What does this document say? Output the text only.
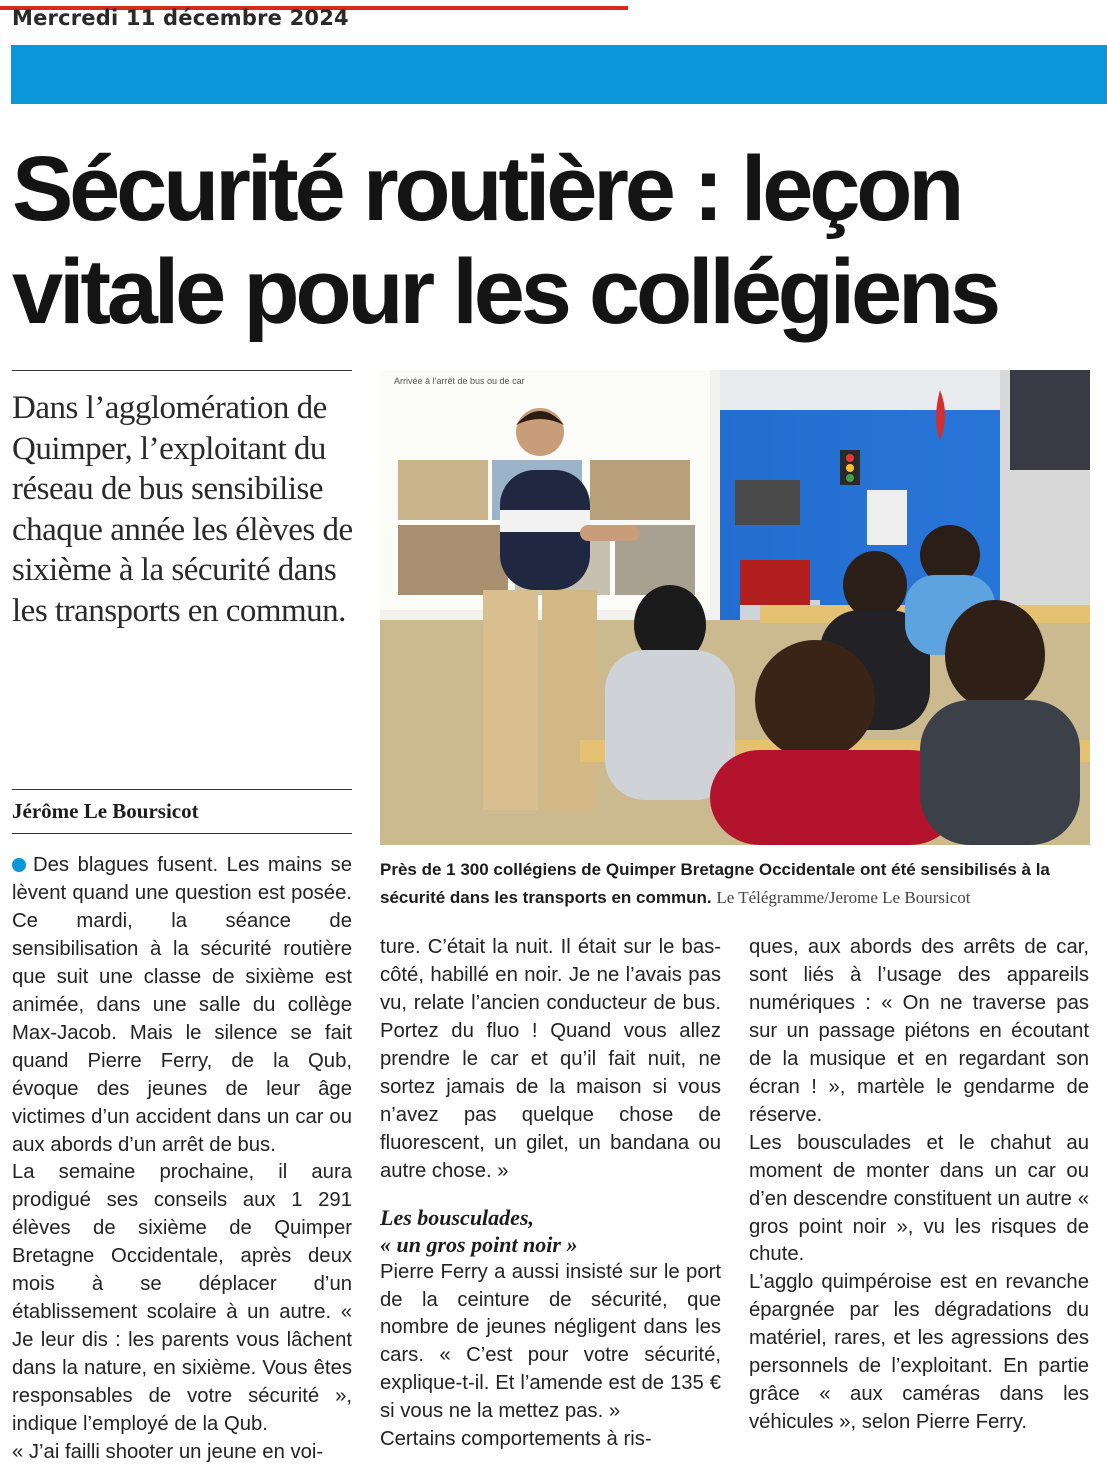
Mercredi 11 décembre 2024
Sécurité routière : leçon
vitale pour les collégiens
Dans l’agglomération de Quimper, l’exploitant du réseau de bus sensibilise chaque année les élèves de sixième à la sécurité dans les transports en commun.
Jérôme Le Boursicot
Arrivée à l’arrêt de bus ou de car
Près de 1 300 collégiens de Quimper Bretagne Occidentale ont été sensibilisés à la sécurité dans les transports en commun. Le Télégramme/Jerome Le Boursicot

Des blagues fusent. Les mains se lèvent quand une question est posée. Ce mardi, la séance de sensibilisation à la sécurité routière que suit une classe de sixième est animée, dans une salle du collège Max-Jacob. Mais le silence se fait quand Pierre Ferry, de la Qub, évoque des jeunes de leur âge victimes d’un accident dans un car ou aux abords d’un arrêt de bus.

La semaine prochaine, il aura prodigué ses conseils aux 1 291 élèves de sixième de Quimper Bretagne Occidentale, après deux mois à se déplacer d’un établissement scolaire à un autre. « Je leur dis : les parents vous lâchent dans la nature, en sixième. Vous êtes responsables de votre sécurité », indique l’employé de la Qub.

« J’ai failli shooter un jeune en voi-

ture. C’était la nuit. Il était sur le bas-côté, habillé en noir. Je ne l’avais pas vu, relate l’ancien conducteur de bus. Portez du fluo ! Quand vous allez prendre le car et qu’il fait nuit, ne sortez jamais de la maison si vous n’avez pas quelque chose de fluorescent, un gilet, un bandana ou autre chose. »

Les bousculades,
« un gros point noir »

Pierre Ferry a aussi insisté sur le port de la ceinture de sécurité, que nombre de jeunes négligent dans les cars. « C’est pour votre sécurité, explique-t-il. Et l’amende est de 135 € si vous ne la mettez pas. »

Certains comportements à ris-

ques, aux abords des arrêts de car, sont liés à l’usage des appareils numériques : « On ne traverse pas sur un passage piétons en écoutant de la musique et en regardant son écran ! », martèle le gendarme de réserve.

Les bousculades et le chahut au moment de monter dans un car ou d’en descendre constituent un autre « gros point noir », vu les risques de chute.

L’agglo quimpéroise est en revanche épargnée par les dégradations du matériel, rares, et les agressions des personnels de l’exploitant. En partie grâce « aux caméras dans les véhicules », selon Pierre Ferry.
